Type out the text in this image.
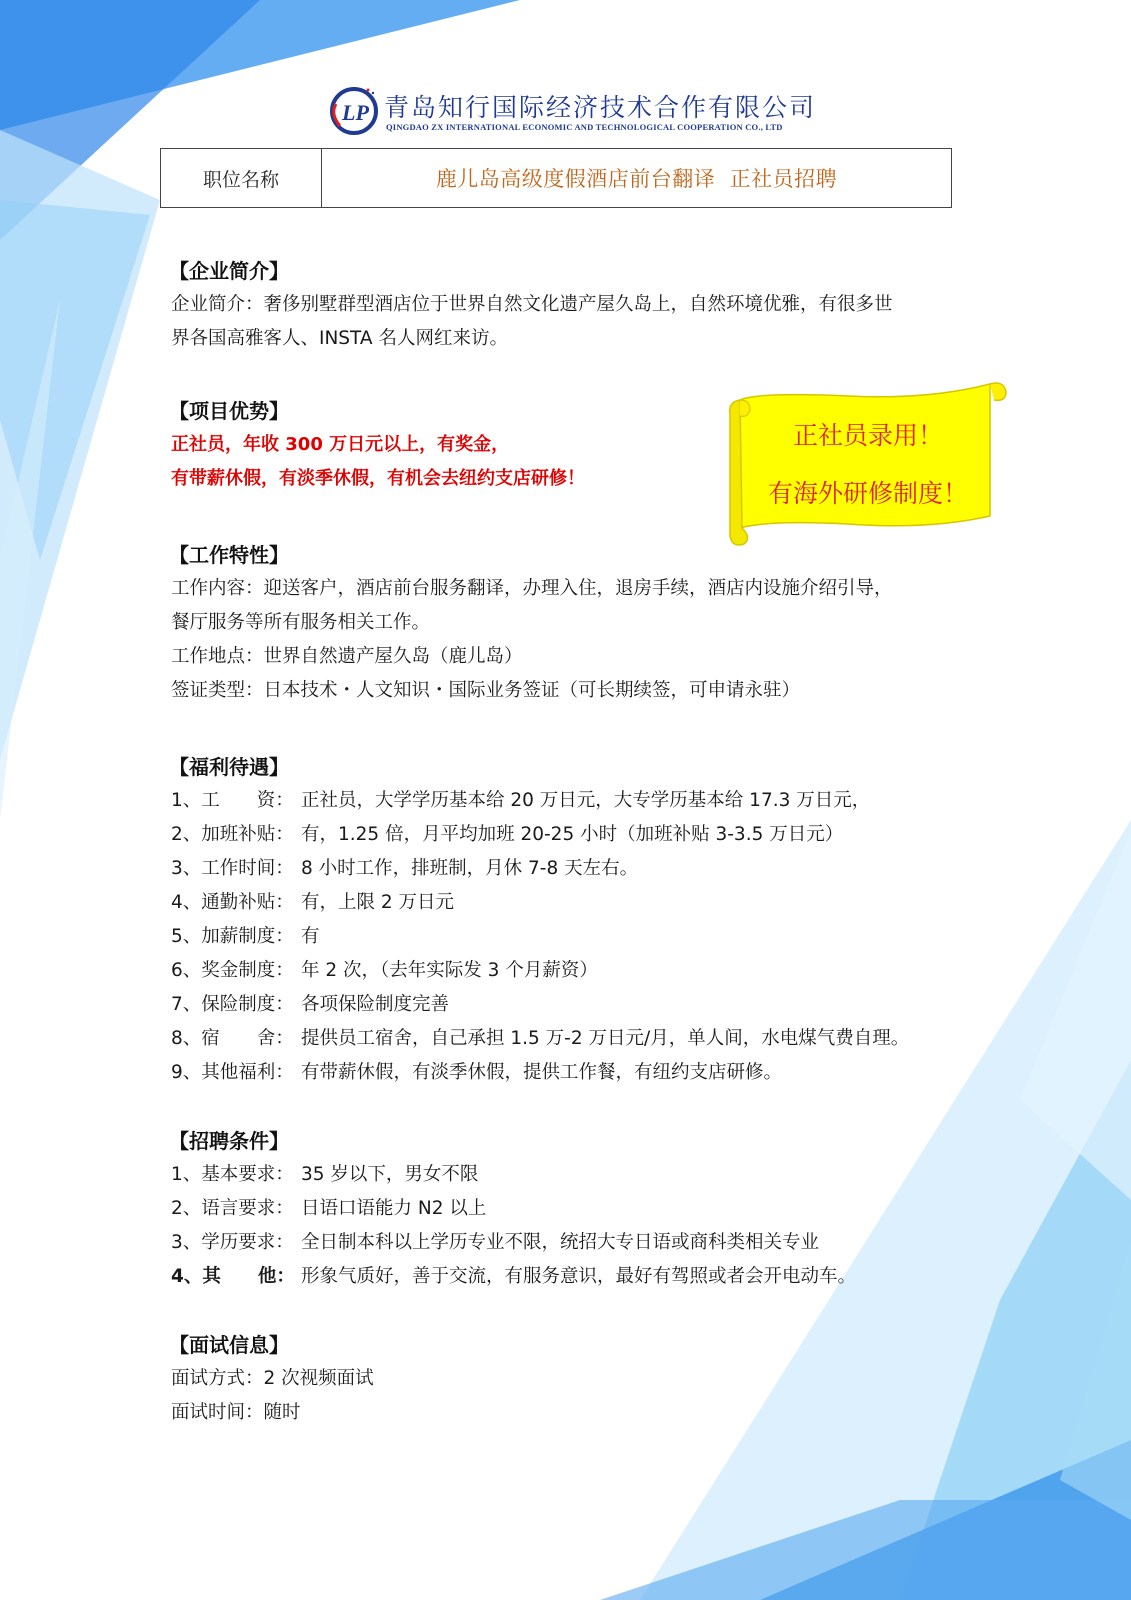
LP 青岛知行国际经济技术合作有限公司
QINGDAO ZX INTERNATIONAL ECONOMIC AND TECHNOLOGICAL COOPERATION CO., LTD
职位名称	鹿儿岛高级度假酒店前台翻译  正社员招聘
正社员录用！
有海外研修制度！
【企业简介】
企业简介：奢侈别墅群型酒店位于世界自然文化遗产屋久岛上，自然环境优雅，有很多世
界各国高雅客人、INSTA 名人网红来访。
【项目优势】
正社员，年收 300 万日元以上，有奖金，
有带薪休假，有淡季休假，有机会去纽约支店研修！
【工作特性】
工作内容：迎送客户，酒店前台服务翻译，办理入住，退房手续，酒店内设施介绍引导，
餐厅服务等所有服务相关工作。
工作地点：世界自然遗产屋久岛（鹿儿岛）
签证类型：日本技术・人文知识・国际业务签证（可长期续签，可申请永驻）
【福利待遇】
1、工　　资： 正社员，大学学历基本给 20 万日元，大专学历基本给 17.3 万日元，
2、加班补贴： 有，1.25 倍，月平均加班 20-25 小时（加班补贴 3-3.5 万日元）
3、工作时间： 8 小时工作，排班制，月休 7-8 天左右。
4、通勤补贴： 有，上限 2 万日元
5、加薪制度： 有
6、奖金制度： 年 2 次，（去年实际发 3 个月薪资）
7、保险制度： 各项保险制度完善
8、宿　　舍： 提供员工宿舍，自己承担 1.5 万-2 万日元/月，单人间，水电煤气费自理。
9、其他福利： 有带薪休假，有淡季休假，提供工作餐，有纽约支店研修。
【招聘条件】
1、基本要求： 35 岁以下，男女不限
2、语言要求： 日语口语能力 N2 以上
3、学历要求： 全日制本科以上学历专业不限，统招大专日语或商科类相关专业
4、其　　他： 形象气质好，善于交流，有服务意识，最好有驾照或者会开电动车。
【面试信息】
面试方式：2 次视频面试
面试时间：随时
